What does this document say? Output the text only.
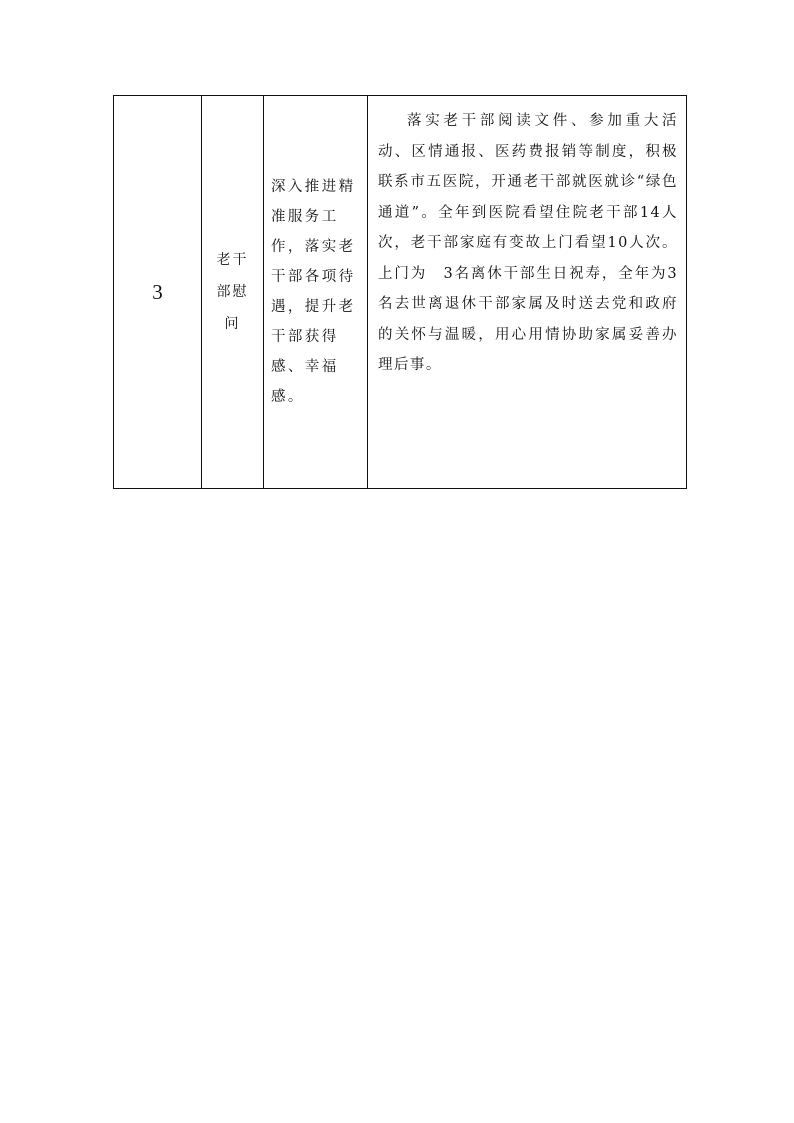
3

老干部慰问

深入推进精准服务工作，落实老干部各项待遇，提升老干部获得感、幸福感。

落实老干部阅读文件、参加重大活动、区情通报、医药费报销等制度，积极联系市五医院，开通老干部就医就诊“绿色通道”。全年到医院看望住院老干部14人次，老干部家庭有变故上门看望10人次。上门为　3名离休干部生日祝寿，全年为3名去世离退休干部家属及时送去党和政府的关怀与温暖，用心用情协助家属妥善办理后事。
